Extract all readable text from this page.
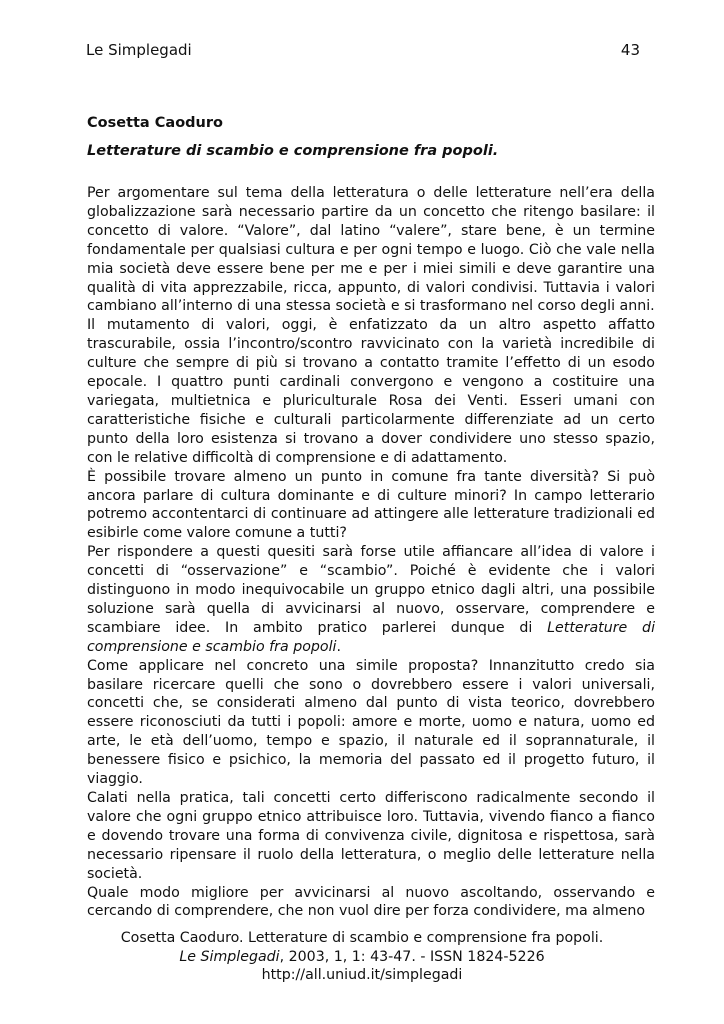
Le Simplegadi	43
Cosetta Caoduro
Letterature di scambio e comprensione fra popoli.

Per argomentare sul tema della letteratura o delle letterature nell’era della globalizzazione sarà necessario partire da un concetto che ritengo basilare: il concetto di valore. “Valore”, dal latino “valere”, stare bene, è un termine fondamentale per qualsiasi cultura e per ogni tempo e luogo. Ciò che vale nella mia società deve essere bene per me e per i miei simili e deve garantire una qualità di vita apprezzabile, ricca, appunto, di valori condivisi. Tuttavia i valori cambiano all’interno di una stessa società e si trasformano nel corso degli anni.

Il mutamento di valori, oggi, è enfatizzato da un altro aspetto affatto trascurabile, ossia l’incontro/scontro ravvicinato con la varietà incredibile di culture che sempre di più si trovano a contatto tramite l’effetto di un esodo epocale. I quattro punti cardinali convergono e vengono a costituire una variegata, multietnica e pluriculturale Rosa dei Venti. Esseri umani con caratteristiche fisiche e culturali particolarmente differenziate ad un certo punto della loro esistenza si trovano a dover condividere uno stesso spazio, con le relative difficoltà di comprensione e di adattamento.

È possibile trovare almeno un punto in comune fra tante diversità? Si può ancora parlare di cultura dominante e di culture minori? In campo letterario potremo accontentarci di continuare ad attingere alle letterature tradizionali ed esibirle come valore comune a tutti?

Per rispondere a questi quesiti sarà forse utile affiancare all’idea di valore i concetti di “osservazione” e “scambio”. Poiché è evidente che i valori distinguono in modo inequivocabile un gruppo etnico dagli altri, una possibile soluzione sarà quella di avvicinarsi al nuovo, osservare, comprendere e scambiare idee. In ambito pratico parlerei dunque di Letterature di comprensione e scambio fra popoli.

Come applicare nel concreto una simile proposta? Innanzitutto credo sia basilare ricercare quelli che sono o dovrebbero essere i valori universali, concetti che, se considerati almeno dal punto di vista teorico, dovrebbero essere riconosciuti da tutti i popoli: amore e morte, uomo e natura, uomo ed arte, le età dell’uomo, tempo e spazio, il naturale ed il soprannaturale, il benessere fisico e psichico, la memoria del passato ed il progetto futuro, il viaggio.

Calati nella pratica, tali concetti certo differiscono radicalmente secondo il valore che ogni gruppo etnico attribuisce loro. Tuttavia, vivendo fianco a fianco e dovendo trovare una forma di convivenza civile, dignitosa e rispettosa, sarà necessario ripensare il ruolo della letteratura, o meglio delle letterature nella società.

Quale modo migliore per avvicinarsi al nuovo ascoltando, osservando e cercando di comprendere, che non vuol dire per forza condividere, ma almeno

Cosetta Caoduro. Letterature di scambio e comprensione fra popoli.
Le Simplegadi, 2003, 1, 1: 43-47. - ISSN 1824-5226
http://all.uniud.it/simplegadi
